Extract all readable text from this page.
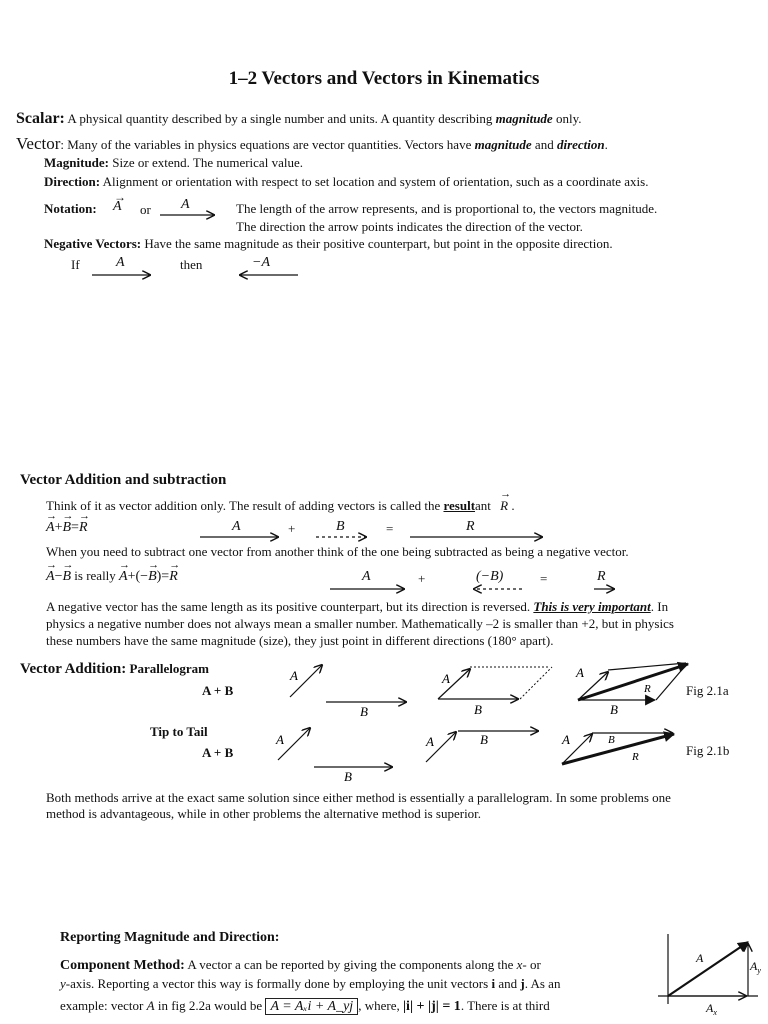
1–2 Vectors and Vectors in Kinematics
Scalar: A physical quantity described by a single number and units. A quantity describing magnitude only.
Vector: Many of the variables in physics equations are vector quantities. Vectors have magnitude and direction.
Magnitude: Size or extend. The numerical value.
Direction: Alignment or orientation with respect to set location and system of orientation, such as a coordinate axis.
Notation:
→
A or A	The length of the arrow represents, and is proportional to, the vectors magnitude.
The direction the arrow points indicates the direction of the vector.
Negative Vectors: Have the same magnitude as their positive counterpart, but point in the opposite direction.
If	A	then	−A
Vector Addition and subtraction
Think of it as vector addition only. The result of adding vectors is called the resultant
→
R .
→
A+
→
B=
→
R	A	+	B	=	R
When you need to subtract one vector from another think of the one being subtracted as being a negative vector.
→
A−
→
B is really
→
A+(−
→
B)=
→
R	A	+	(−B)	=	R
A negative vector has the same length as its positive counterpart, but its direction is reversed. This is very important. In
physics a negative number does not always mean a smaller number. Mathematically –2 is smaller than +2, but in physics
these numbers have the same magnitude (size), they just point in different directions (180° apart).
Vector Addition: Parallelogram
A + B
A
B
A
B
A
B
R	Fig 2.1a
Tip to Tail
A + B
A
B
A	B	A	B
R	Fig 2.1b
Both methods arrive at the exact same solution since either method is essentially a parallelogram. In some problems one
method is advantageous, while in other problems the alternative method is superior.
Reporting Magnitude and Direction:
Component Method: A vector a can be reported by giving the components along the x- or
y-axis. Reporting a vector this way is formally done by employing the unit vectors i and j. As an
example: vector A in fig 2.2a would be A = Aₓi + A_yj , where, |i| + |j| = 1. There is at third
A
$A_y$
$A_x$
